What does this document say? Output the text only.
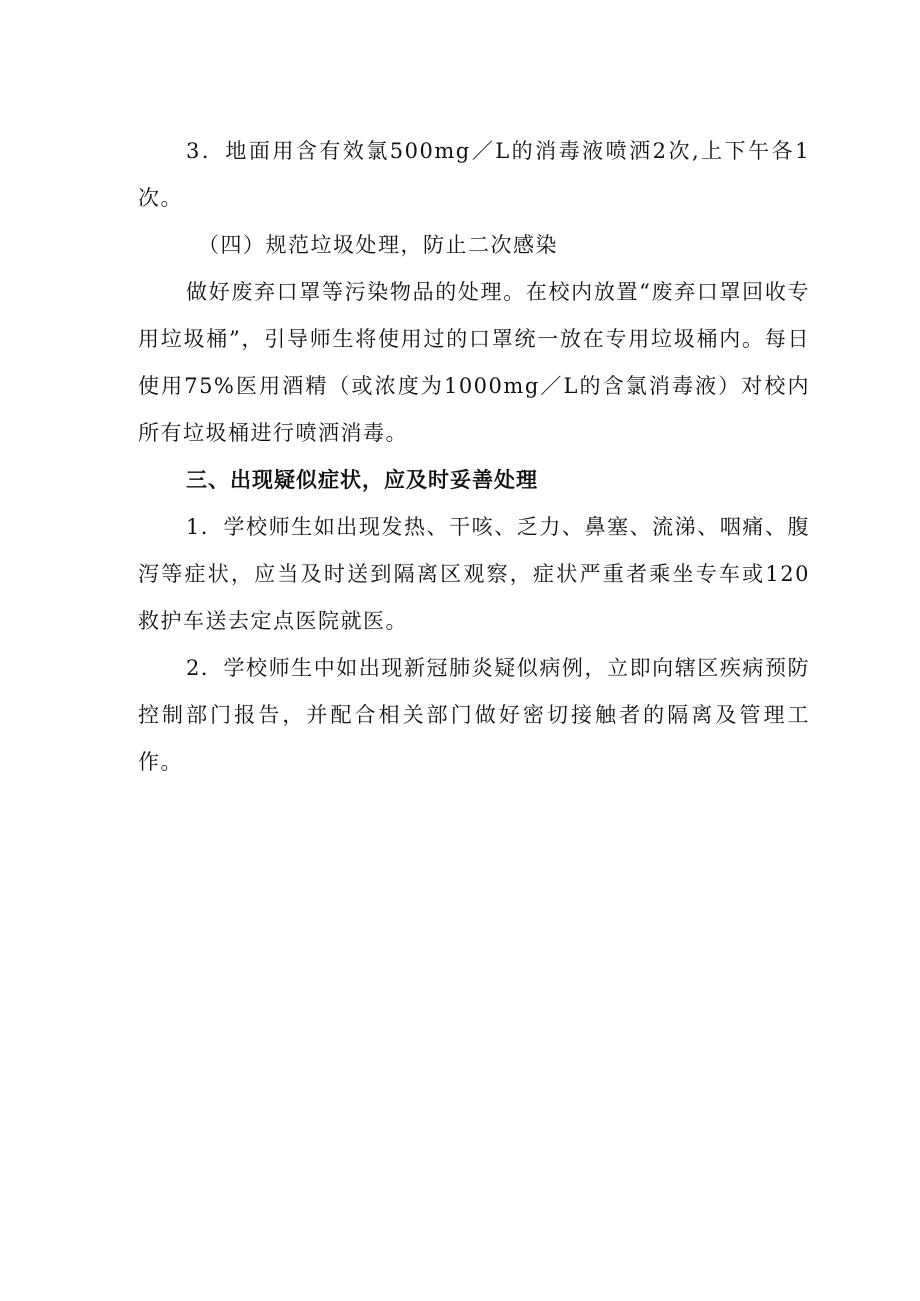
3．地面用含有效氯500mg／L的消毒液喷洒2次,上下午各1次。

（四）规范垃圾处理，防止二次感染

做好废弃口罩等污染物品的处理。在校内放置“废弃口罩回收专用垃圾桶”，引导师生将使用过的口罩统一放在专用垃圾桶内。每日使用75%医用酒精（或浓度为1000mg／L的含氯消毒液）对校内所有垃圾桶进行喷洒消毒。

三、出现疑似症状，应及时妥善处理

1．学校师生如出现发热、干咳、乏力、鼻塞、流涕、咽痛、腹泻等症状，应当及时送到隔离区观察，症状严重者乘坐专车或120救护车送去定点医院就医。

2．学校师生中如出现新冠肺炎疑似病例，立即向辖区疾病预防控制部门报告，并配合相关部门做好密切接触者的隔离及管理工作。
